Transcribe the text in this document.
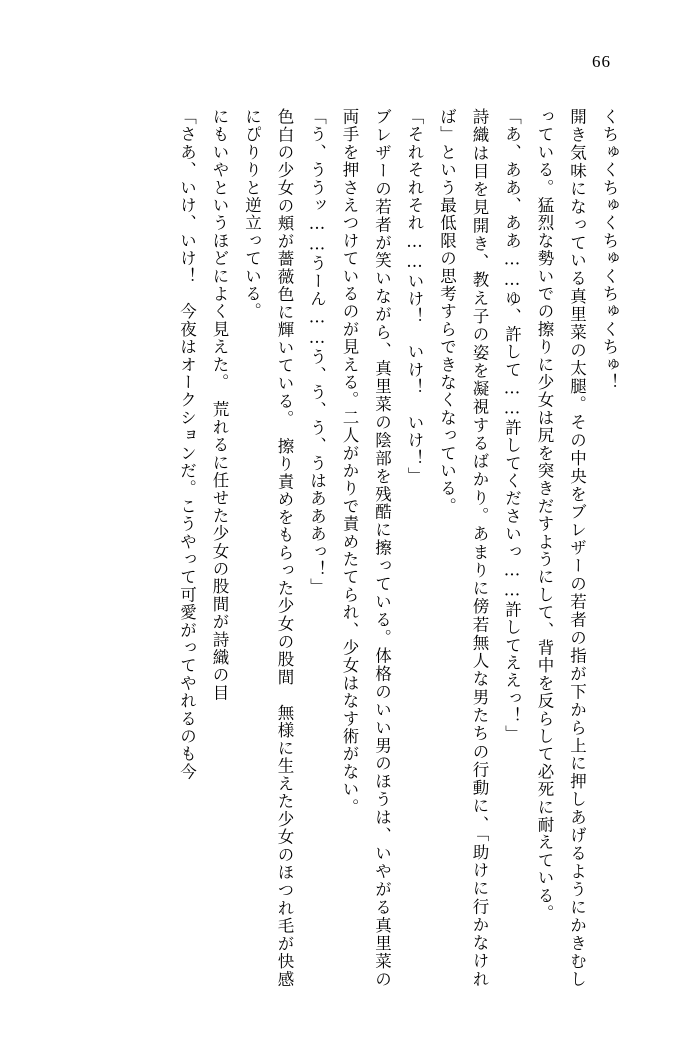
66

くちゅくちゅくちゅくちゅくちゅ！

開き気味になっている真里菜の太腿。その中央をブレザーの若者の指が下から上に押しあげるようにかきむしっている。猛烈な勢いでの擦りに少女は尻を突きだすようにして、背中を反らして必死に耐えている。

「あ、ああ、ああ……ゆ、許して……許してくださいっ……許してええっ！」

詩織は目を見開き、教え子の姿を凝視するばかり。あまりに傍若無人な男たちの行動に、「助けに行かなければ」という最低限の思考すらできなくなっている。

「それそれそれ……いけ！　いけ！　いけ！」

ブレザーの若者が笑いながら、真里菜の陰部を残酷に擦っている。体格のいい男のほうは、いやがる真里菜の両手を押さえつけているのが見える。二人がかりで責めたてられ、少女はなす術がない。

「う、ううッ……うーん……う、う、う、うはあああっ！」

色白の少女の頬が薔薇色に輝いている。　擦り責めをもらった少女の股間　無様に生えた少女のほつれ毛が快感にぴりりと逆立っている。

にもいやというほどによく見えた。　荒れるに任せた少女の股間が詩織の目

「さあ、いけ、いけ！　今夜はオークションだ。こうやって可愛がってやれるのも今
